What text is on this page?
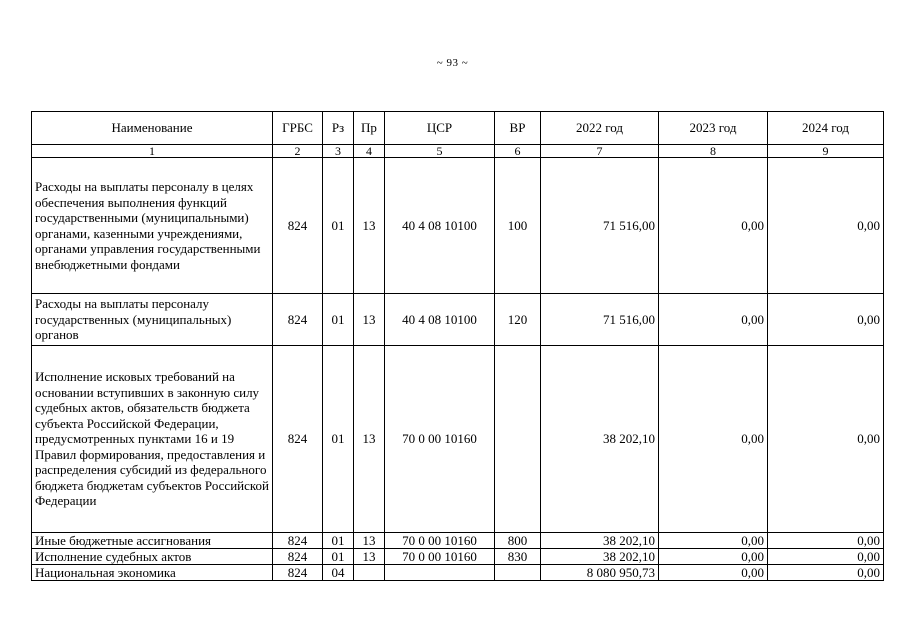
~ 93 ~
Наименование	ГРБС	Рз	Пр	ЦСР	ВР	2022 год	2023 год	2024 год
1	2	3	4	5	6	7	8	9
Расходы на выплаты персоналу в целях обеспечения выполнения функций государственными (муниципальными) органами, казенными учреждениями, органами управления государственными внебюджетными фондами	824	01	13	40 4 08 10100	100	71 516,00	0,00	0,00
Расходы на выплаты персоналу государственных (муниципальных) органов	824	01	13	40 4 08 10100	120	71 516,00	0,00	0,00
Исполнение исковых требований на основании вступивших в законную силу судебных актов, обязательств бюджета субъекта Российской Федерации, предусмотренных пунктами 16 и 19 Правил формирования, предоставления и распределения субсидий из федерального бюджета бюджетам субъектов Российской Федерации	824	01	13	70 0 00 10160		38 202,10	0,00	0,00
Иные бюджетные ассигнования	824	01	13	70 0 00 10160	800	38 202,10	0,00	0,00
Исполнение судебных актов	824	01	13	70 0 00 10160	830	38 202,10	0,00	0,00
Национальная экономика	824	04				8 080 950,73	0,00	0,00
